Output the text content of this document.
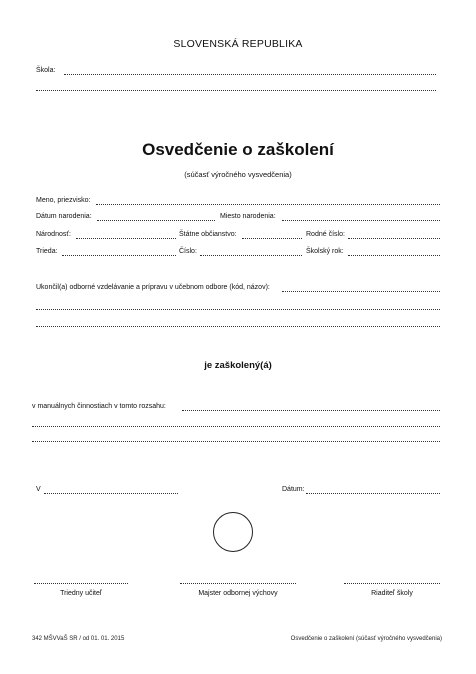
SLOVENSKÁ REPUBLIKA
Škola:
Osvedčenie o zaškolení
(súčasť výročného vysvedčenia)
Meno, priezvisko:
Dátum narodenia:	Miesto narodenia:
Národnosť:	Štátne občianstvo:	Rodné číslo:
Trieda:	Číslo:	Školský rok:
Ukončil(a) odborné vzdelávanie a prípravu v učebnom odbore (kód, názov):
je zaškolený(á)
v manuálnych činnostiach v tomto rozsahu:
V	Dátum:
Triedny učiteľ	Majster odbornej výchovy	Riaditeľ školy
342 MŠVVaŠ SR / od 01. 01. 2015	Osvedčenie o zaškolení (súčasť výročného vysvedčenia)
